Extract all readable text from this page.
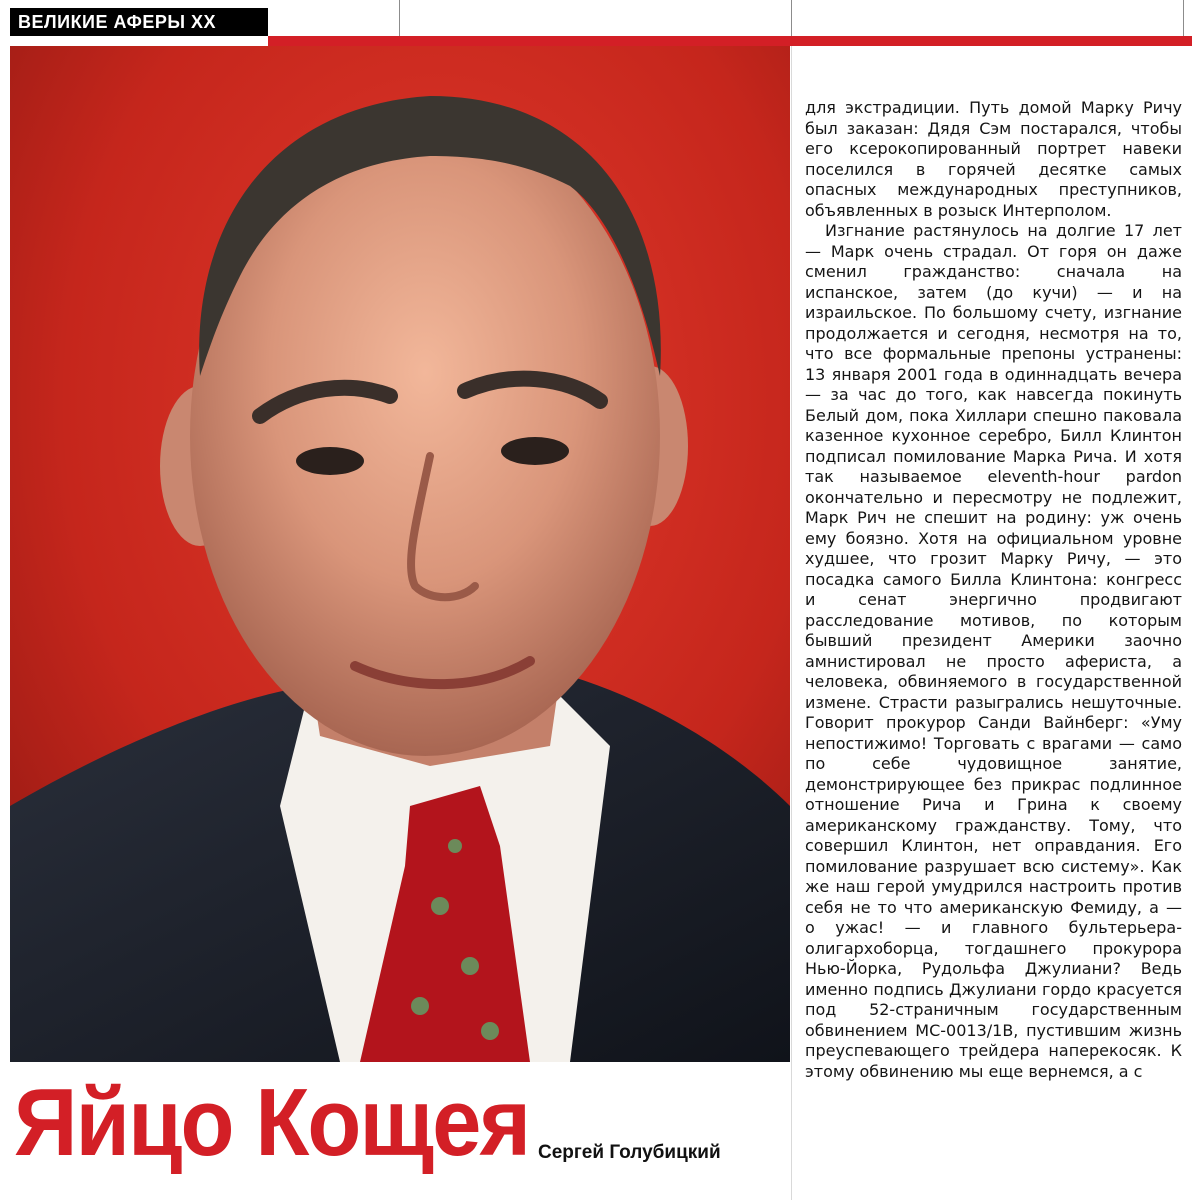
ВЕЛИКИЕ АФЕРЫ XX
Яйцо Кощея Сергей Голубицкий

для экстрадиции. Путь домой Марку Ричу был заказан: Дядя Сэм постарался, чтобы его ксерокопированный портрет навеки поселился в горячей десятке самых опасных международных преступников, объявленных в розыск Интерполом.

Изгнание растянулось на долгие 17 лет — Марк очень страдал. От горя он даже сменил гражданство: сначала на испанское, затем (до кучи) — и на израильское. По большому счету, изгнание продолжается и сегодня, несмотря на то, что все формальные препоны устранены: 13 января 2001 года в одиннадцать вечера — за час до того, как навсегда покинуть Белый дом, пока Хиллари спешно паковала казенное кухонное серебро, Билл Клинтон подписал помилование Марка Рича. И хотя так называемое eleventh-hour pardon окончательно и пересмотру не подлежит, Марк Рич не спешит на родину: уж очень ему боязно. Хотя на официальном уровне худшее, что грозит Марку Ричу, — это посадка самого Билла Клинтона: конгресс и сенат энергично продвигают расследование мотивов, по которым бывший президент Америки заочно амнистировал не просто афериста, а человека, обвиняемого в государственной измене. Страсти разыгрались нешуточные. Говорит прокурор Санди Вайнберг: «Уму непостижимо! Торговать с врагами — само по себе чудовищное занятие, демонстрирующее без прикрас подлинное отношение Рича и Грина к своему американскому гражданству. Тому, что совершил Клинтон, нет оправдания. Его помилование разрушает всю систему». Как же наш герой умудрился настроить против себя не то что американскую Фемиду, а — о ужас! — и главного бультерьера-олигархоборца, тогдашнего прокурора Нью-Йорка, Рудольфа Джулиани? Ведь именно подпись Джулиани гордо красуется под 52-страничным государственным обвинением MC-0013/1B, пустившим жизнь преуспевающего трейдера наперекосяк. К этому обвинению мы еще вернемся, а с
